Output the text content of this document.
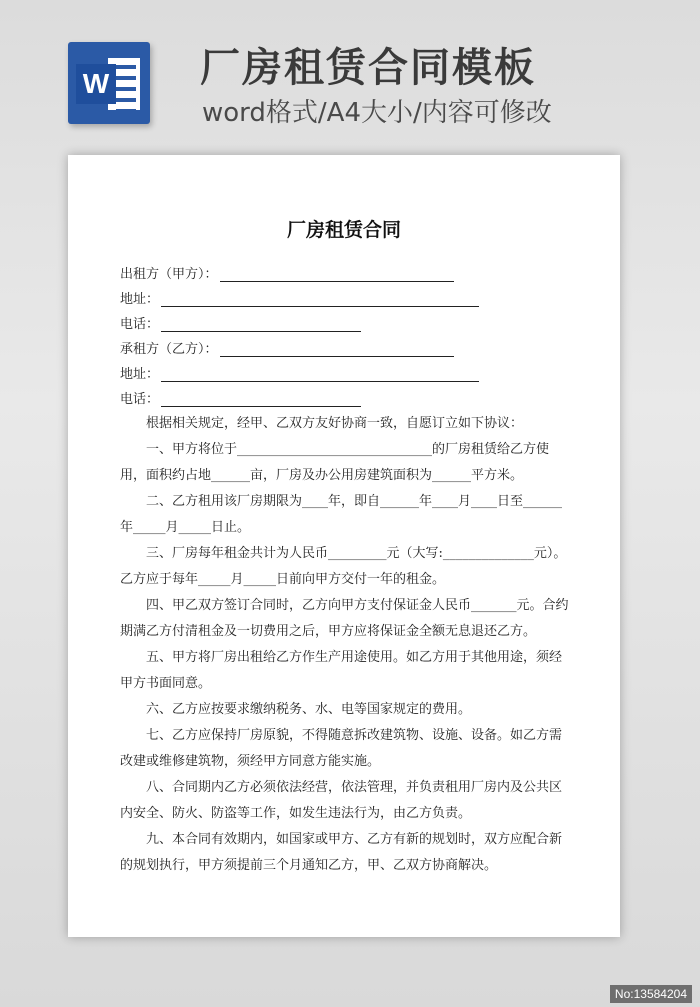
W 厂房租赁合同模板
word格式/A4大小/内容可修改
厂房租赁合同
出租方（甲方）：
地址：
电话：
承租方（乙方）：
地址：
电话：
根据相关规定，经甲、乙双方友好协商一致，自愿订立如下协议：
一、甲方将位于______________________________的厂房租赁给乙方使用，面积约占地______亩，厂房及办公用房建筑面积为______平方米。
二、乙方租用该厂房期限为____年，即自______年____月____日至______年_____月_____日止。
三、厂房每年租金共计为人民币_________元（大写:______________元）。乙方应于每年_____月_____日前向甲方交付一年的租金。
四、甲乙双方签订合同时，乙方向甲方支付保证金人民币_______元。合约期满乙方付清租金及一切费用之后，甲方应将保证金全额无息退还乙方。
五、甲方将厂房出租给乙方作生产用途使用。如乙方用于其他用途，须经甲方书面同意。
六、乙方应按要求缴纳税务、水、电等国家规定的费用。
七、乙方应保持厂房原貌，不得随意拆改建筑物、设施、设备。如乙方需改建或维修建筑物，须经甲方同意方能实施。
八、合同期内乙方必须依法经营，依法管理，并负责租用厂房内及公共区内安全、防火、防盗等工作，如发生违法行为，由乙方负责。
九、本合同有效期内，如国家或甲方、乙方有新的规划时，双方应配合新的规划执行，甲方须提前三个月通知乙方，甲、乙双方协商解决。
No:13584204
